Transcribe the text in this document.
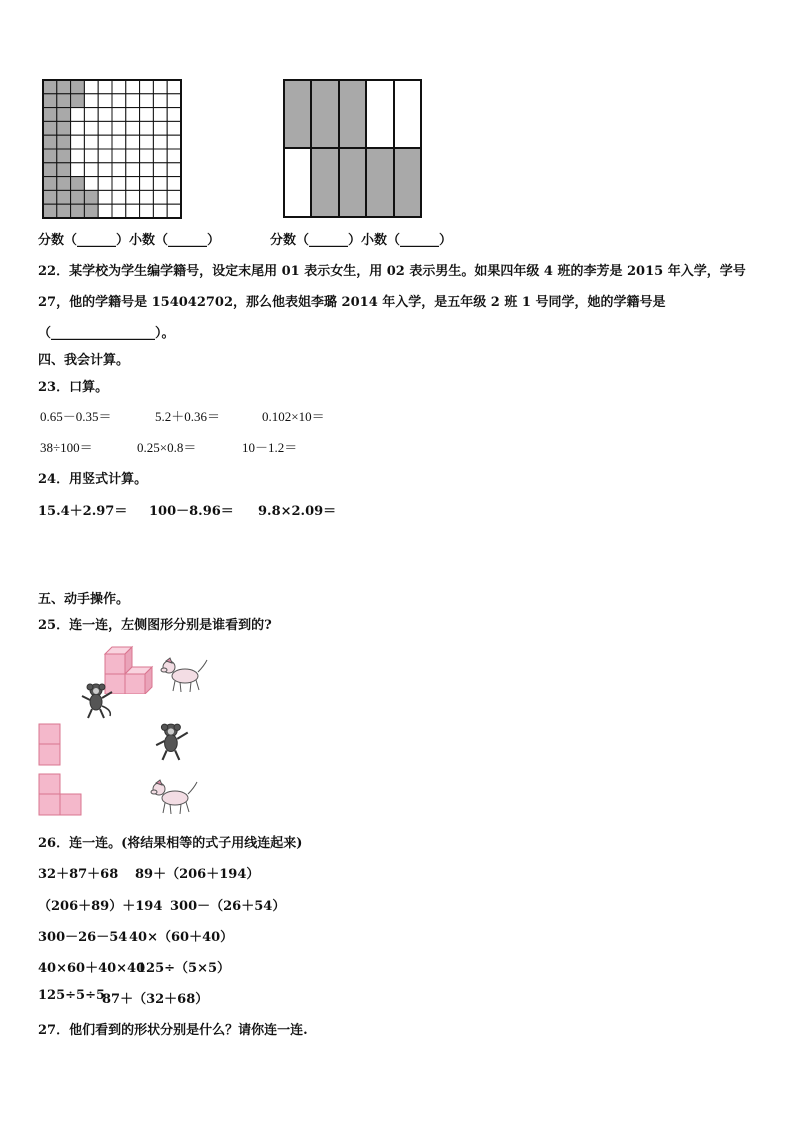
分数（______）小数（______）	分数（______）小数（______）
22．某学校为学生编学籍号，设定末尾用 01 表示女生，用 02 表示男生。如果四年级 4 班的李芳是 2015 年入学，学号
27，他的学籍号是 154042702，那么他表姐李璐 2014 年入学，是五年级 2 班 1 号同学，她的学籍号是
（________________）。
四、我会计算。
23．口算。
0.65－0.35＝	5.2＋0.36＝	0.102×10＝
38÷100＝	0.25×0.8＝	10－1.2＝
24．用竖式计算。
15.4＋2.97＝ 100－8.96＝ 9.8×2.09＝
五、动手操作。
25．连一连，左侧图形分别是谁看到的?
26．连一连。(将结果相等的式子用线连起来)
32＋87＋68 89＋（206＋194）
（206＋89）＋194 300－（26＋54）
300－26－54 40×（60＋40）
40×60＋40×40
125÷（5×5）
125÷5÷5
87＋（32＋68）
27．他们看到的形状分别是什么？请你连一连.
